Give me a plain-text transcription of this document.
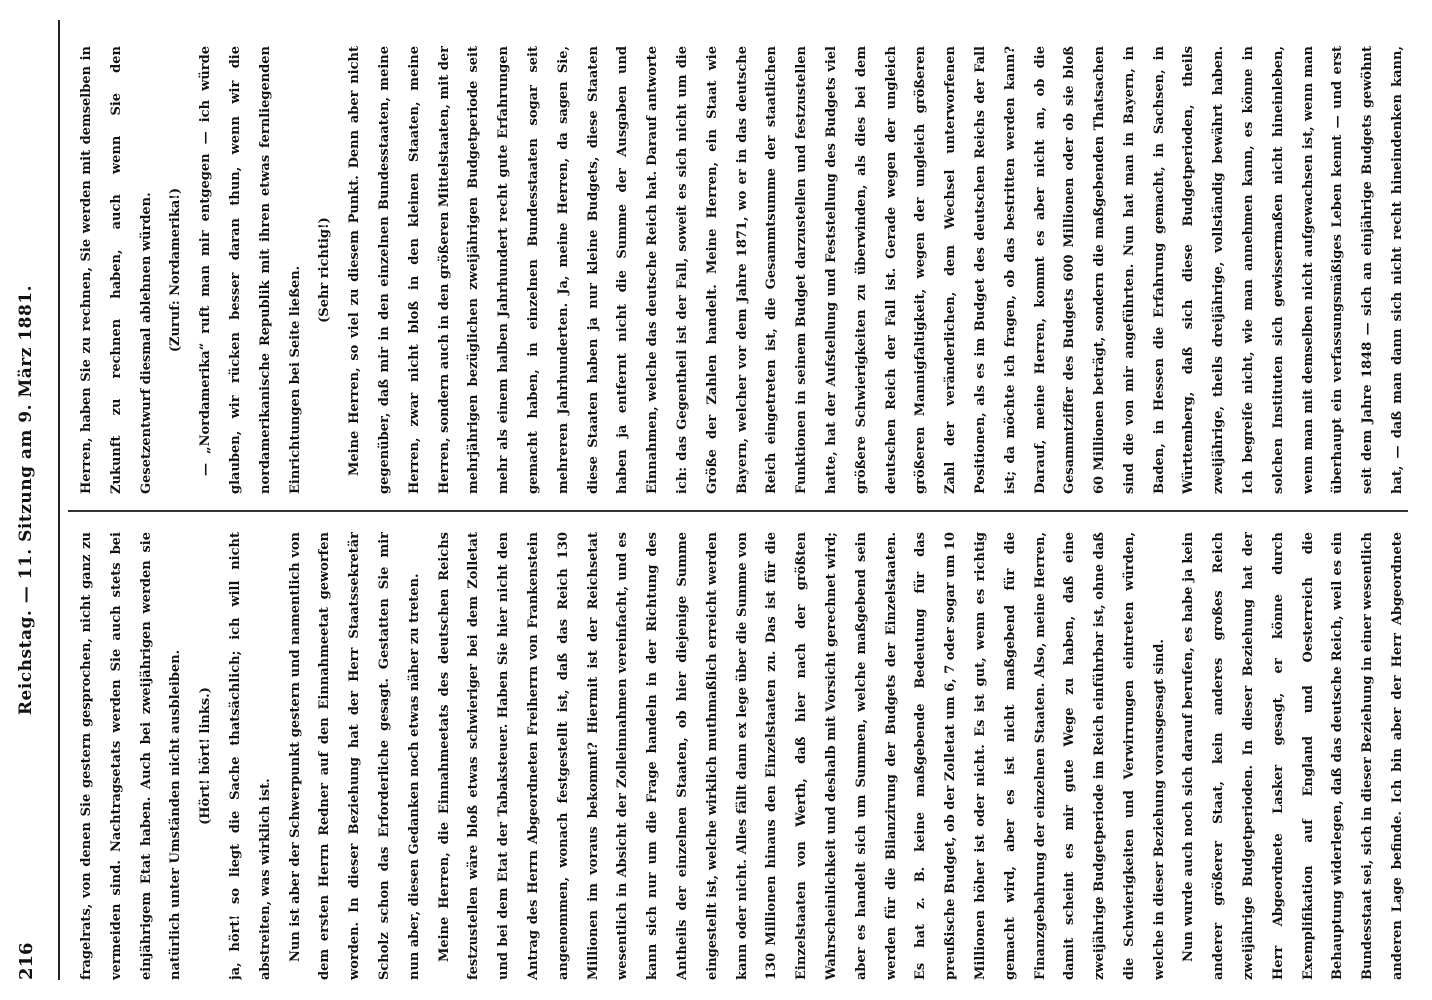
216
Reichstag. — 11. Sitzung am 9. März 1881.

fragelrats, von denen Sie gestern gesprochen, nicht ganz zu vermeiden sind. Nachtragsetats werden Sie auch stets bei einjährigem Etat haben. Auch bei zweijährigen werden sie natürlich unter Umständen nicht ausbleiben.	(Hört! hört! links.)	ja, hört! so liegt die Sache thatsächlich; ich will nicht abstreiten, was wirklich ist.	Nun ist aber der Schwerpunkt gestern und namentlich von dem ersten Herrn Redner auf den Einnahmeetat geworfen worden. In dieser Beziehung hat der Herr Staatssekretär Scholz schon das Erforderliche gesagt. Gestatten Sie mir nun aber, diesen Gedanken noch etwas näher zu treten.	Meine Herren, die Einnahmeetats des deutschen Reichs festzustellen wäre bloß etwas schwieriger bei dem Zolletat und bei dem Etat der Tabaksteuer. Haben Sie hier nicht den Antrag des Herrn Abgeordneten Freiherrn von Frankenstein angenommen, wonach festgestellt ist, daß das Reich 130 Millionen im voraus bekommt? Hiermit ist der Reichsetat wesentlich in Absicht der Zolleinnahmen vereinfacht, und es kann sich nur um die Frage handeln in der Richtung des Antheils der einzelnen Staaten, ob hier diejenige Summe eingestellt ist, welche wirklich muthmaßlich erreicht werden kann oder nicht. Alles fällt dann ex lege über die Summe von 130 Millionen hinaus den Einzelstaaten zu. Das ist für die Einzelstaaten von Werth, daß hier nach der größten Wahrscheinlichkeit und deshalb mit Vorsicht gerechnet wird; aber es handelt sich um Summen, welche maßgebend sein werden für die Bilanzirung der Budgets der Einzelstaaten. Es hat z. B. keine maßgebende Bedeutung für das preußische Budget, ob der Zolletat um 6, 7 oder sogar um 10 Millionen höher ist oder nicht. Es ist gut, wenn es richtig gemacht wird, aber es ist nicht maßgebend für die Finanzgebahrung der einzelnen Staaten. Also, meine Herren, damit scheint es mir gute Wege zu haben, daß eine zweijährige Budgetperiode im Reich einführbar ist, ohne daß die Schwierigkeiten und Verwirrungen eintreten würden, welche in dieser Beziehung vorausgesagt sind.	Nun wurde auch noch sich darauf berufen, es habe ja kein anderer größerer Staat, kein anderes großes Reich zweijährige Budgetperioden. In dieser Beziehung hat der Herr Abgeordnete Lasker gesagt, er könne durch Exemplifikation auf England und Oesterreich die Behauptung widerlegen, daß das deutsche Reich, weil es ein Bundesstaat sei, sich in dieser Beziehung in einer wesentlich anderen Lage befinde. Ich bin aber der Herr Abgeordnete

Herren, haben Sie zu rechnen, Sie werden mit demselben in Zukunft zu rechnen haben, auch wenn Sie den Gesetzentwurf diesmal ablehnen würden.	(Zuruf: Nordamerika!)	— „Nordamerika“ ruft man mir entgegen — ich würde glauben, wir rücken besser daran thun, wenn wir die nordamerikanische Republik mit ihren etwas fernliegenden Einrichtungen bei Seite ließen.	(Sehr richtig!)

Meine Herren, so viel zu diesem Punkt. Denn aber nicht gegenüber, daß mir in den einzelnen Bundesstaaten, meine Herren, zwar nicht bloß in den kleinen Staaten, meine Herren, sondern auch in den größeren Mittelstaaten, mit der mehrjährigen bezüglichen zweijährigen Budgetperiode seit mehr als einem halben Jahrhundert recht gute Erfahrungen gemacht haben, in einzelnen Bundesstaaten sogar seit mehreren Jahrhunderten. Ja, meine Herren, da sagen Sie, diese Staaten haben ja nur kleine Budgets, diese Staaten haben ja entfernt nicht die Summe der Ausgaben und Einnahmen, welche das deutsche Reich hat. Darauf antworte ich: das Gegentheil ist der Fall, soweit es sich nicht um die Größe der Zahlen handelt. Meine Herren, ein Staat wie Bayern, welcher vor dem Jahre 1871, wo er in das deutsche Reich eingetreten ist, die Gesammtsumme der staatlichen Funktionen in seinem Budget darzustellen und festzustellen hatte, hat der Aufstellung und Feststellung des Budgets viel größere Schwierigkeiten zu überwinden, als dies bei dem deutschen Reich der Fall ist. Gerade wegen der ungleich größeren Mannigfaltigkeit, wegen der ungleich größeren Zahl der veränderlichen, dem Wechsel unterworfenen Positionen, als es im Budget des deutschen Reichs der Fall ist; da möchte ich fragen, ob das bestritten werden kann? Darauf, meine Herren, kommt es aber nicht an, ob die Gesammtziffer des Budgets 600 Millionen oder ob sie bloß 60 Millionen beträgt, sondern die maßgebenden Thatsachen sind die von mir angeführten. Nun hat man in Bayern, in Baden, in Hessen die Erfahrung gemacht, in Sachsen, in Württemberg, daß sich diese Budgetperioden, theils zweijährige, theils dreijährige, vollständig bewährt haben. Ich begreife nicht, wie man annehmen kann, es könne in solchen Instituten sich gewissermaßen nicht hineinleben, wenn man mit demselben nicht aufgewachsen ist, wenn man überhaupt ein verfassungsmäßiges Leben kennt — und erst seit dem Jahre 1848 — sich an einjährige Budgets gewöhnt hat, — daß man dann sich nicht recht hineindenken kann,
